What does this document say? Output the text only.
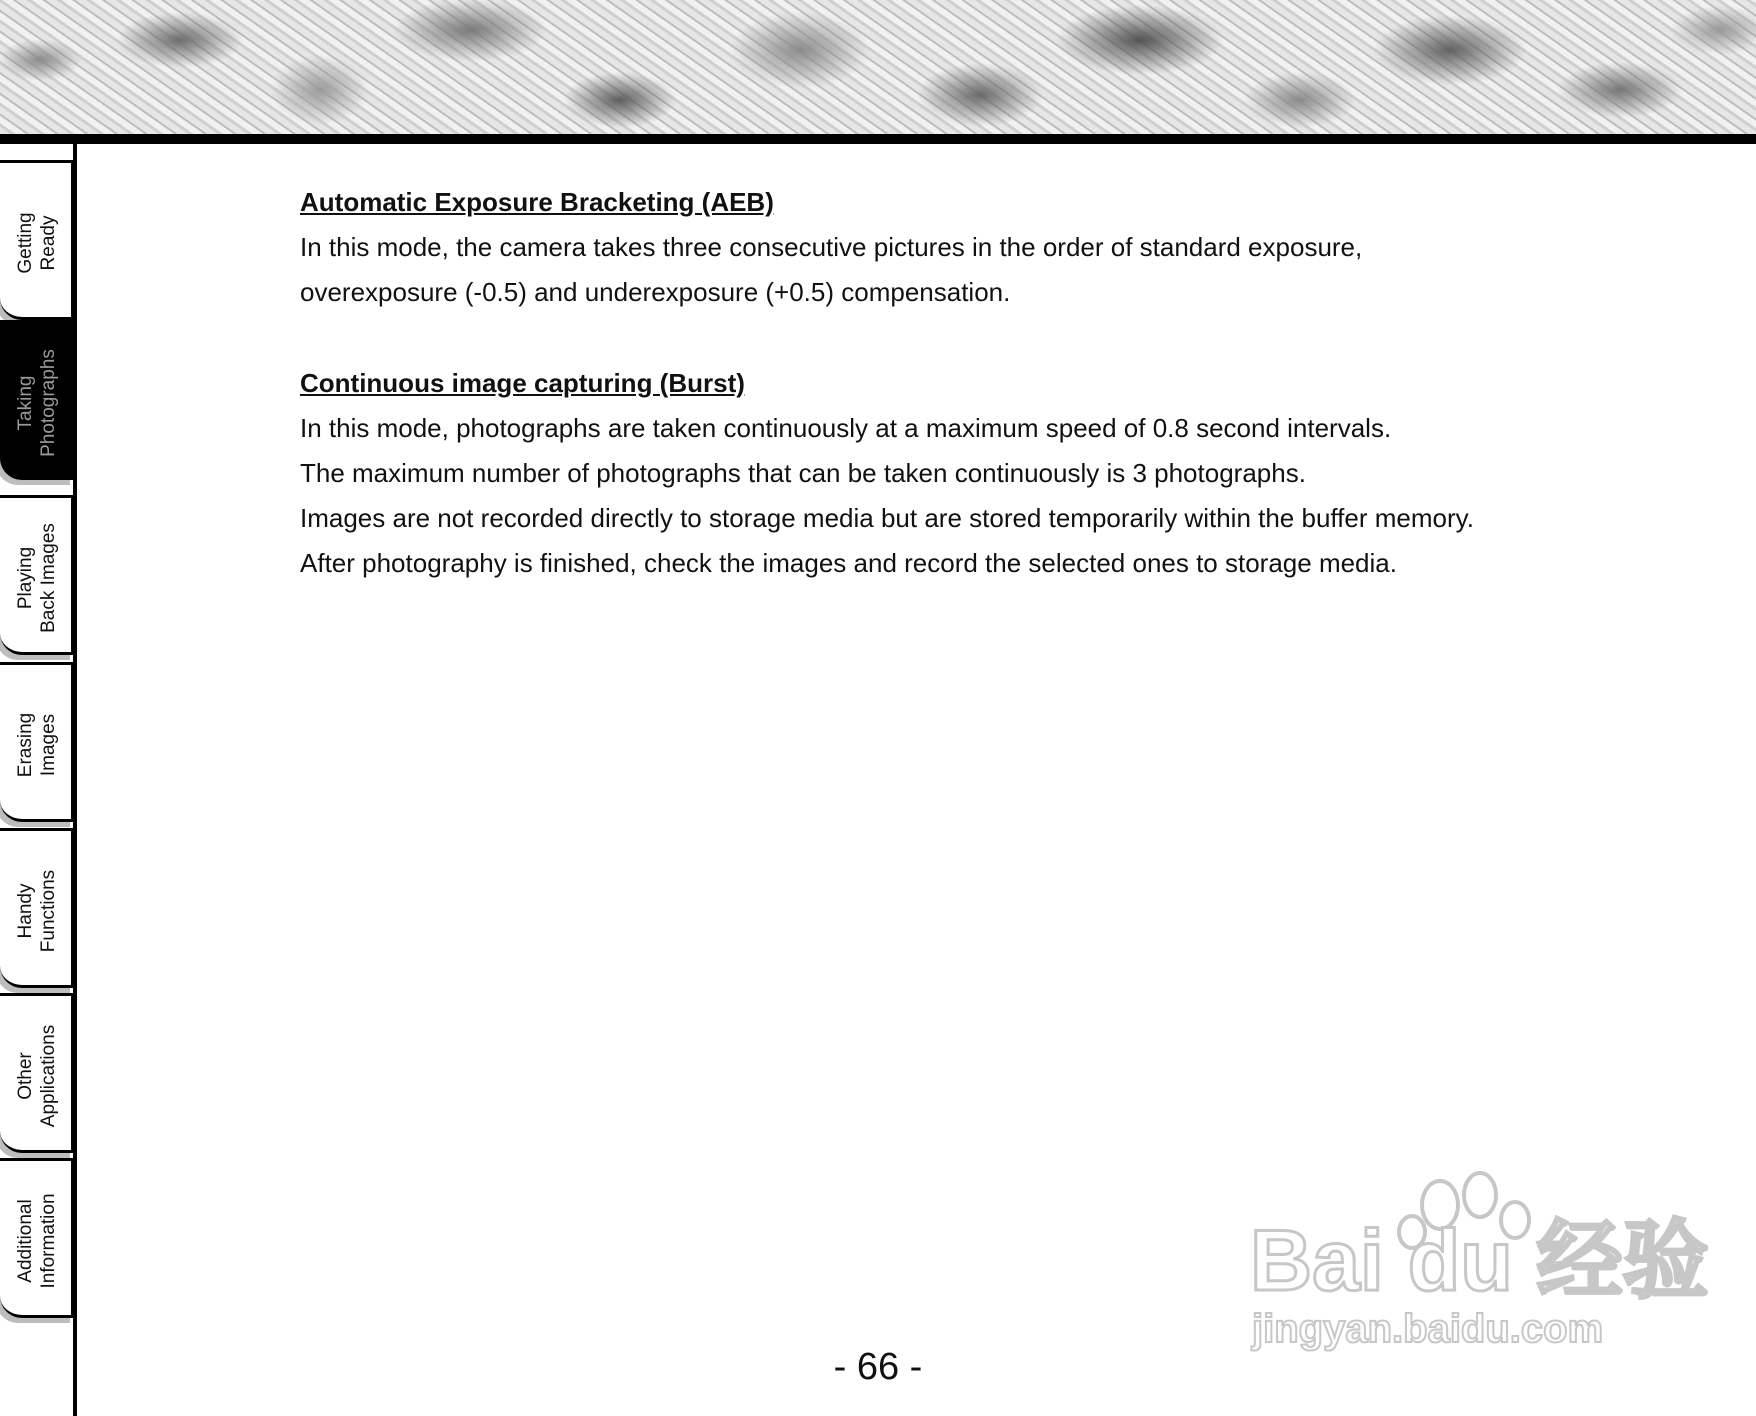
Getting Ready
Taking Photographs
Playing Back Images
Erasing Images
Handy Functions
Other Applications
Additional Information

Automatic Exposure Bracketing (AEB)

In this mode, the camera takes three consecutive pictures in the order of standard exposure,

overexposure (-0.5) and underexposure (+0.5) compensation.

Continuous image capturing (Burst)

In this mode, photographs are taken continuously at a maximum speed of 0.8 second intervals.

The maximum number of photographs that can be taken continuously is 3 photographs.

Images are not recorded directly to storage media but are stored temporarily within the buffer memory.

After photography is finished, check the images and record the selected ones to storage media.

Bai du 经验
jingyan.baidu.com
- 66 -
